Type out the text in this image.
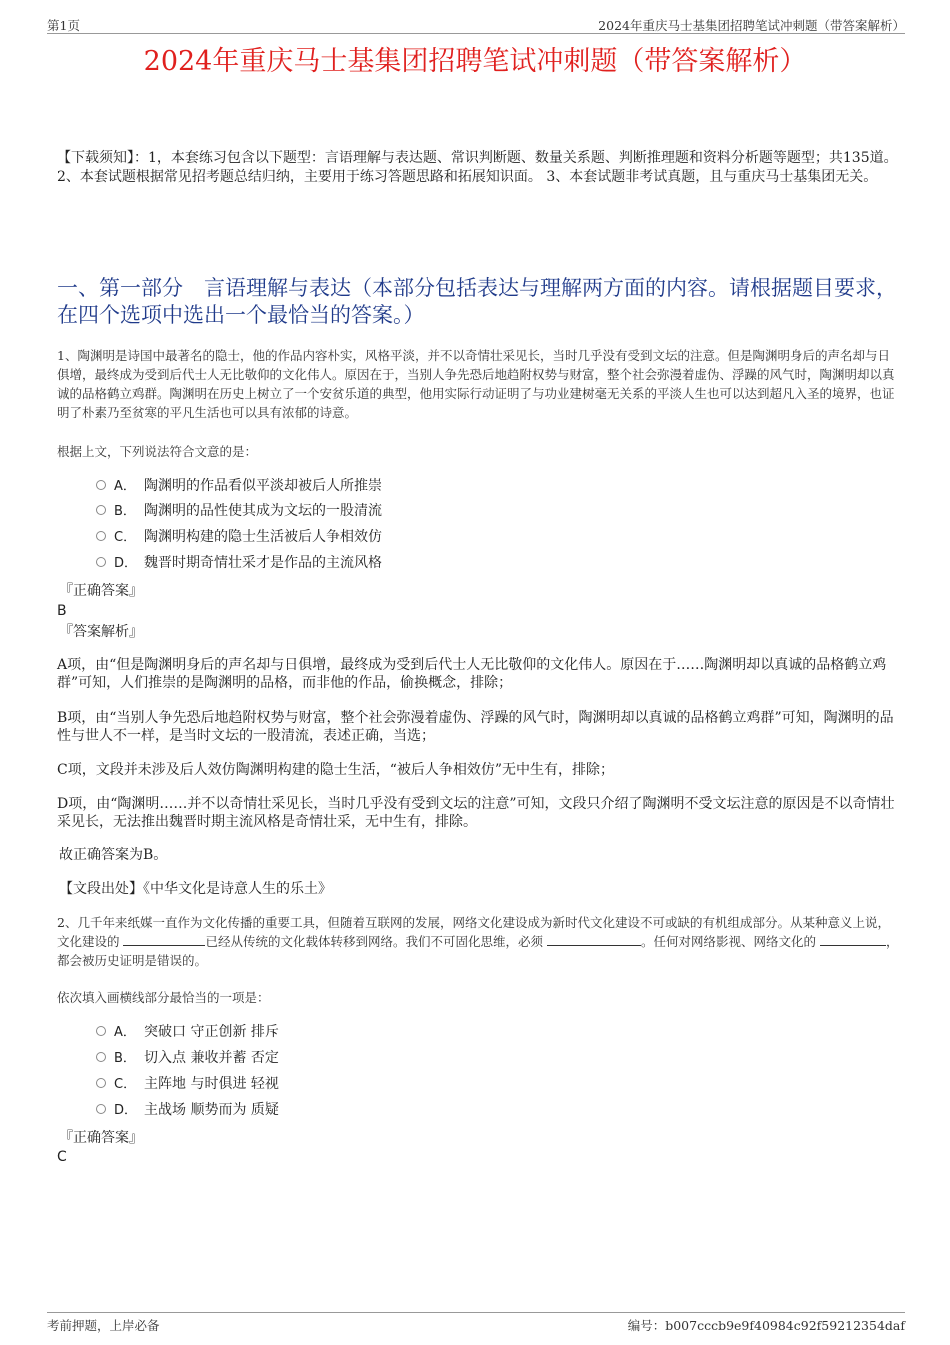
第1页	2024年重庆马士基集团招聘笔试冲刺题（带答案解析）
2024年重庆马士基集团招聘笔试冲刺题（带答案解析）
【下载须知】：1，本套练习包含以下题型：言语理解与表达题、常识判断题、数量关系题、判断推理题和资料分析题等题型；共135道。 2、本套试题根据常见招考题总结归纳，主要用于练习答题思路和拓展知识面。 3、本套试题非考试真题，且与重庆马士基集团无关。
一、第一部分　言语理解与表达（本部分包括表达与理解两方面的内容。请根据题目要求，在四个选项中选出一个最恰当的答案。）
1、陶渊明是诗国中最著名的隐士，他的作品内容朴实，风格平淡，并不以奇情壮采见长，当时几乎没有受到文坛的注意。但是陶渊明身后的声名却与日俱增，最终成为受到后代士人无比敬仰的文化伟人。原因在于，当别人争先恐后地趋附权势与财富，整个社会弥漫着虚伪、浮躁的风气时，陶渊明却以真诚的品格鹤立鸡群。陶渊明在历史上树立了一个安贫乐道的典型，他用实际行动证明了与功业建树毫无关系的平淡人生也可以达到超凡入圣的境界，也证明了朴素乃至贫寒的平凡生活也可以具有浓郁的诗意。
根据上文，下列说法符合文意的是：
A． 陶渊明的作品看似平淡却被后人所推崇
B． 陶渊明的品性使其成为文坛的一股清流
C． 陶渊明构建的隐士生活被后人争相效仿
D． 魏晋时期奇情壮采才是作品的主流风格
『正确答案』
B
『答案解析』
A项，由“但是陶渊明身后的声名却与日俱增，最终成为受到后代士人无比敬仰的文化伟人。原因在于……陶渊明却以真诚的品格鹤立鸡群”可知，人们推崇的是陶渊明的品格，而非他的作品，偷换概念，排除；
B项，由“当别人争先恐后地趋附权势与财富，整个社会弥漫着虚伪、浮躁的风气时，陶渊明却以真诚的品格鹤立鸡群”可知，陶渊明的品性与世人不一样，是当时文坛的一股清流，表述正确，当选；
C项，文段并未涉及后人效仿陶渊明构建的隐士生活，“被后人争相效仿”无中生有，排除；
D项，由“陶渊明……并不以奇情壮采见长，当时几乎没有受到文坛的注意”可知，文段只介绍了陶渊明不受文坛注意的原因是不以奇情壮采见长，无法推出魏晋时期主流风格是奇情壮采，无中生有，排除。
故正确答案为B。
【文段出处】《中华文化是诗意人生的乐土》
2、几千年来纸媒一直作为文化传播的重要工具，但随着互联网的发展，网络文化建设成为新时代文化建设不可或缺的有机组成部分。从某种意义上说，文化建设的	已经从传统的文化载体转移到网络。我们不可固化思维，必须	。任何对网络影视、网络文化的	，都会被历史证明是错误的。
依次填入画横线部分最恰当的一项是：
A． 突破口 守正创新 排斥
B． 切入点 兼收并蓄 否定
C． 主阵地 与时俱进 轻视
D． 主战场 顺势而为 质疑
『正确答案』
C
考前押题，上岸必备	编号：b007cccb9e9f40984c92f59212354daf
